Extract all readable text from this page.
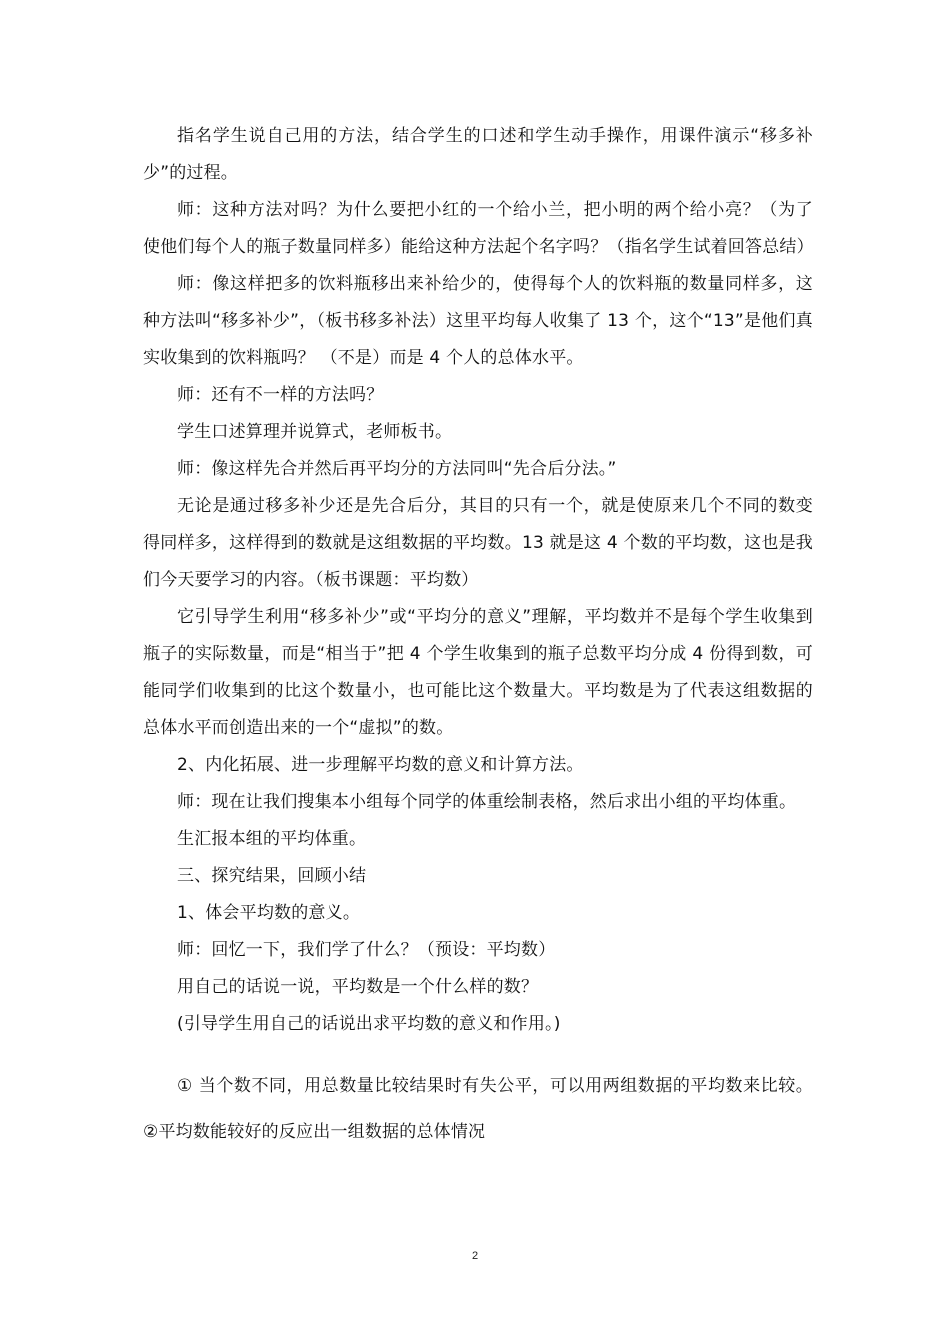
指名学生说自己用的方法，结合学生的口述和学生动手操作，用课件演示“移多补少”的过程。

师：这种方法对吗？为什么要把小红的一个给小兰，把小明的两个给小亮？（为了使他们每个人的瓶子数量同样多）能给这种方法起个名字吗？（指名学生试着回答总结）

师：像这样把多的饮料瓶移出来补给少的，使得每个人的饮料瓶的数量同样多，这种方法叫“移多补少”，（板书移多补法）这里平均每人收集了 13 个，这个“13”是他们真实收集到的饮料瓶吗？ （不是）而是 4 个人的总体水平。

师：还有不一样的方法吗？

学生口述算理并说算式，老师板书。

师：像这样先合并然后再平均分的方法同叫“先合后分法。”

无论是通过移多补少还是先合后分，其目的只有一个，就是使原来几个不同的数变得同样多，这样得到的数就是这组数据的平均数。13 就是这 4 个数的平均数，这也是我们今天要学习的内容。（板书课题：平均数）

它引导学生利用“移多补少”或“平均分的意义”理解，平均数并不是每个学生收集到瓶子的实际数量，而是“相当于”把 4 个学生收集到的瓶子总数平均分成 4 份得到数，可能同学们收集到的比这个数量小，也可能比这个数量大。平均数是为了代表这组数据的总体水平而创造出来的一个“虚拟”的数。

2、内化拓展、进一步理解平均数的意义和计算方法。

师：现在让我们搜集本小组每个同学的体重绘制表格，然后求出小组的平均体重。

生汇报本组的平均体重。

三、探究结果，回顾小结

1、体会平均数的意义。

师：回忆一下，我们学了什么？（预设：平均数）

用自己的话说一说，平均数是一个什么样的数？

(引导学生用自己的话说出求平均数的意义和作用。)

① 当个数不同，用总数量比较结果时有失公平，可以用两组数据的平均数来比较。 ②平均数能较好的反应出一组数据的总体情况

2
